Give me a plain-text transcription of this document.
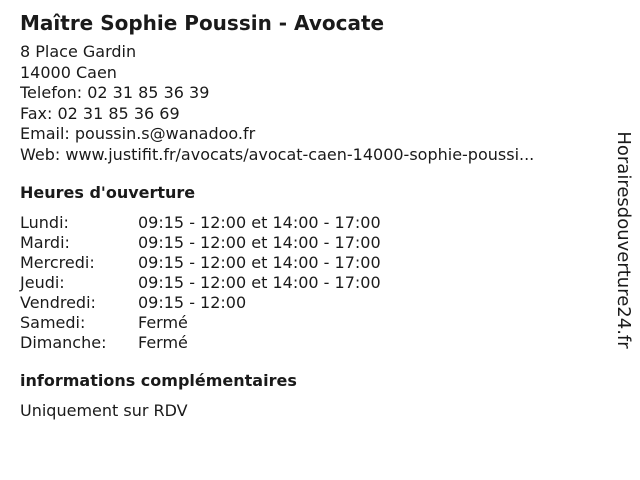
Maître Sophie Poussin - Avocate
8 Place Gardin
14000 Caen
Telefon: 02 31 85 36 39
Fax: 02 31 85 36 69
Email: poussin.s@wanadoo.fr
Web: www.justifit.fr/avocats/avocat-caen-14000-sophie-poussi...
Heures d'ouverture
Lundi:	09:15 - 12:00 et 14:00 - 17:00
Mardi:	09:15 - 12:00 et 14:00 - 17:00
Mercredi:	09:15 - 12:00 et 14:00 - 17:00
Jeudi:	09:15 - 12:00 et 14:00 - 17:00
Vendredi:	09:15 - 12:00
Samedi:	Fermé
Dimanche:	Fermé
informations complémentaires
Uniquement sur RDV
Horairesdouverture24.fr
